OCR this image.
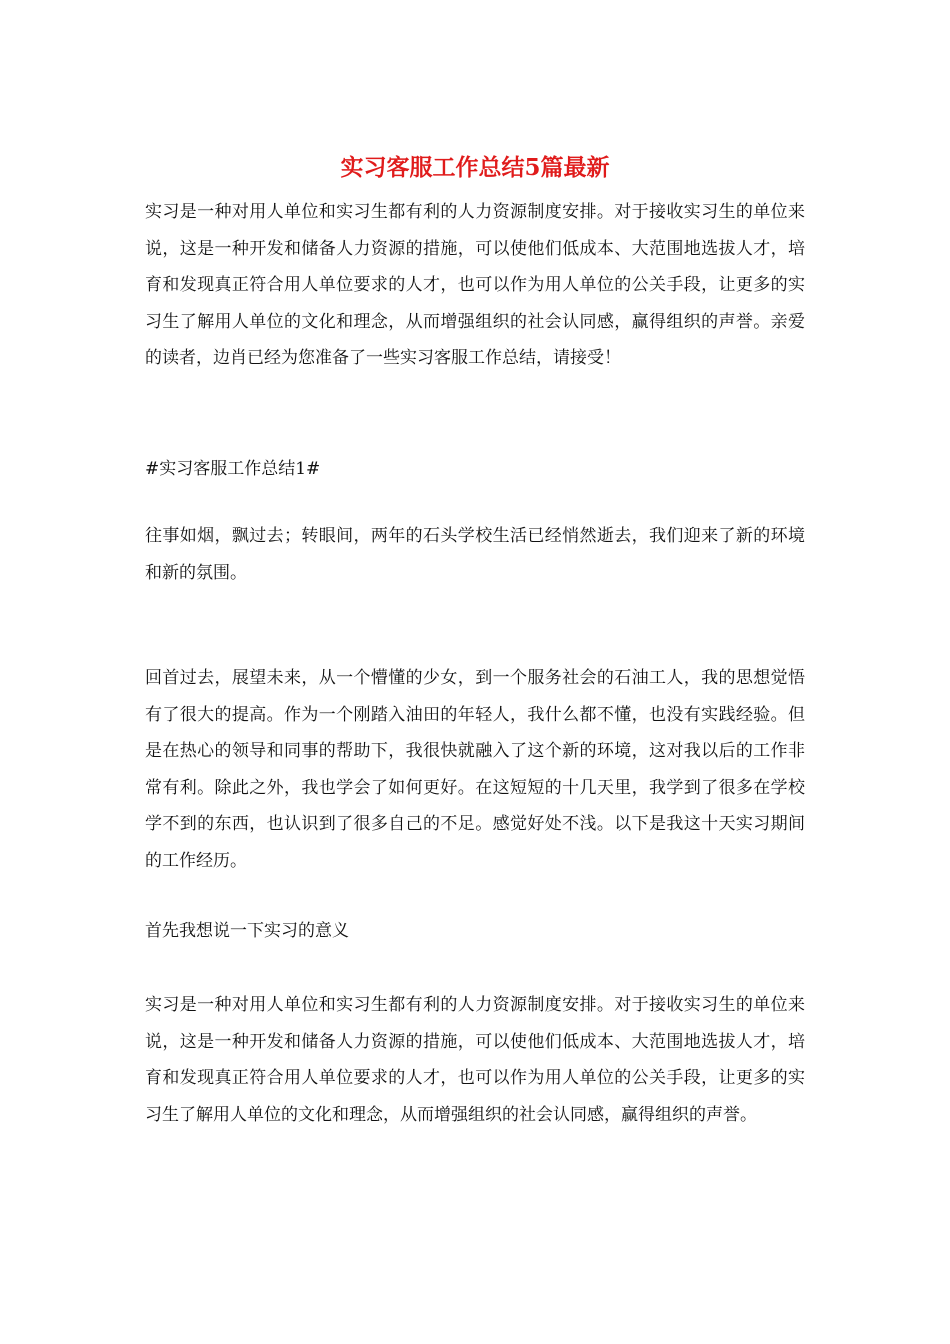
实习客服工作总结5篇最新

实习是一种对用人单位和实习生都有利的人力资源制度安排。对于接收实习生的单位来说，这是一种开发和储备人力资源的措施，可以使他们低成本、大范围地选拔人才，培育和发现真正符合用人单位要求的人才，也可以作为用人单位的公关手段，让更多的实习生了解用人单位的文化和理念，从而增强组织的社会认同感，赢得组织的声誉。亲爱的读者，边肖已经为您准备了一些实习客服工作总结，请接受！

#实习客服工作总结1#

往事如烟，飘过去；转眼间，两年的石头学校生活已经悄然逝去，我们迎来了新的环境和新的氛围。

回首过去，展望未来，从一个懵懂的少女，到一个服务社会的石油工人，我的思想觉悟有了很大的提高。作为一个刚踏入油田的年轻人，我什么都不懂，也没有实践经验。但是在热心的领导和同事的帮助下，我很快就融入了这个新的环境，这对我以后的工作非常有利。除此之外，我也学会了如何更好。在这短短的十几天里，我学到了很多在学校学不到的东西，也认识到了很多自己的不足。感觉好处不浅。以下是我这十天实习期间的工作经历。

首先我想说一下实习的意义

实习是一种对用人单位和实习生都有利的人力资源制度安排。对于接收实习生的单位来说，这是一种开发和储备人力资源的措施，可以使他们低成本、大范围地选拔人才，培育和发现真正符合用人单位要求的人才，也可以作为用人单位的公关手段，让更多的实习生了解用人单位的文化和理念，从而增强组织的社会认同感，赢得组织的声誉。
